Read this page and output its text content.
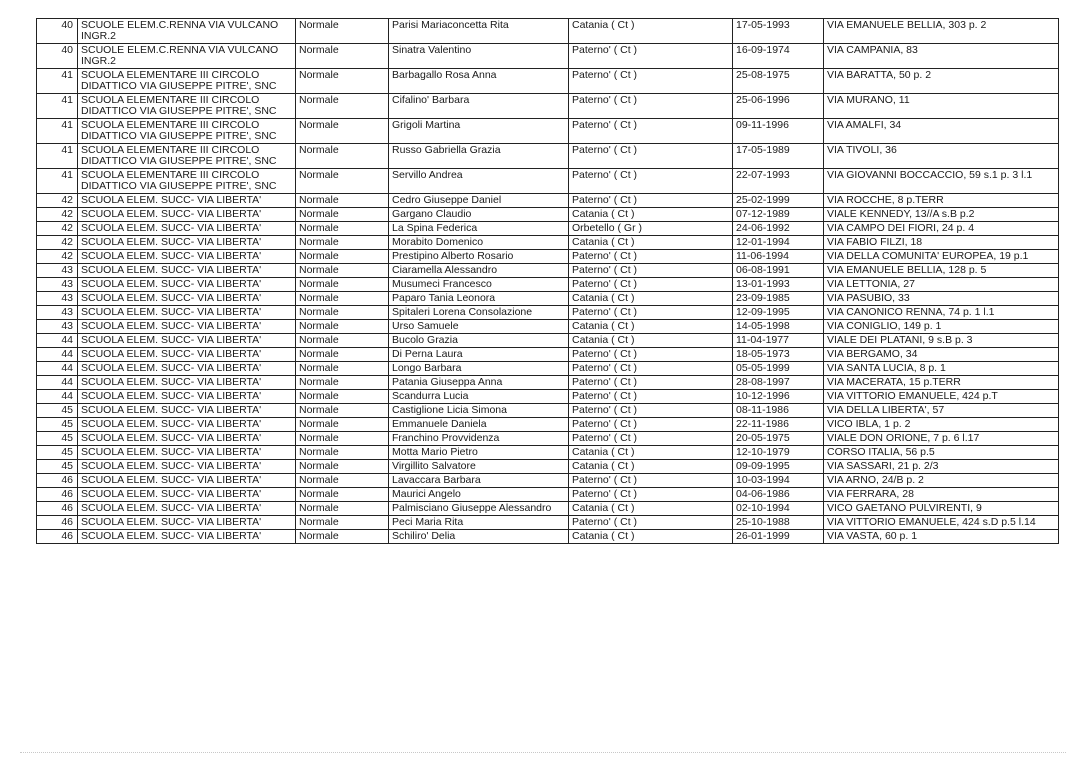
40	SCUOLE ELEM.C.RENNA VIA VULCANO INGR.2	Normale	Parisi Mariaconcetta Rita	Catania ( Ct )	17-05-1993	VIA EMANUELE BELLIA, 303 p. 2
40	SCUOLE ELEM.C.RENNA VIA VULCANO INGR.2	Normale	Sinatra Valentino	Paterno' ( Ct )	16-09-1974	VIA CAMPANIA, 83
41	SCUOLA ELEMENTARE III CIRCOLO DIDATTICO VIA GIUSEPPE PITRE', SNC	Normale	Barbagallo Rosa Anna	Paterno' ( Ct )	25-08-1975	VIA BARATTA, 50 p. 2
41	SCUOLA ELEMENTARE III CIRCOLO DIDATTICO VIA GIUSEPPE PITRE', SNC	Normale	Cifalino' Barbara	Paterno' ( Ct )	25-06-1996	VIA MURANO, 11
41	SCUOLA ELEMENTARE III CIRCOLO DIDATTICO VIA GIUSEPPE PITRE', SNC	Normale	Grigoli Martina	Paterno' ( Ct )	09-11-1996	VIA AMALFI, 34
41	SCUOLA ELEMENTARE III CIRCOLO DIDATTICO VIA GIUSEPPE PITRE', SNC	Normale	Russo Gabriella Grazia	Paterno' ( Ct )	17-05-1989	VIA TIVOLI, 36
41	SCUOLA ELEMENTARE III CIRCOLO DIDATTICO VIA GIUSEPPE PITRE', SNC	Normale	Servillo Andrea	Paterno' ( Ct )	22-07-1993	VIA GIOVANNI BOCCACCIO, 59 s.1 p. 3 l.1
42	SCUOLA ELEM. SUCC- VIA LIBERTA'	Normale	Cedro Giuseppe Daniel	Paterno' ( Ct )	25-02-1999	VIA ROCCHE, 8 p.TERR
42	SCUOLA ELEM. SUCC- VIA LIBERTA'	Normale	Gargano Claudio	Catania ( Ct )	07-12-1989	VIALE KENNEDY, 13//A s.B p.2
42	SCUOLA ELEM. SUCC- VIA LIBERTA'	Normale	La Spina Federica	Orbetello ( Gr )	24-06-1992	VIA CAMPO DEI FIORI, 24 p. 4
42	SCUOLA ELEM. SUCC- VIA LIBERTA'	Normale	Morabito Domenico	Catania ( Ct )	12-01-1994	VIA FABIO FILZI, 18
42	SCUOLA ELEM. SUCC- VIA LIBERTA'	Normale	Prestipino Alberto Rosario	Paterno' ( Ct )	11-06-1994	VIA DELLA COMUNITA' EUROPEA, 19 p.1
43	SCUOLA ELEM. SUCC- VIA LIBERTA'	Normale	Ciaramella Alessandro	Paterno' ( Ct )	06-08-1991	VIA EMANUELE BELLIA, 128 p. 5
43	SCUOLA ELEM. SUCC- VIA LIBERTA'	Normale	Musumeci Francesco	Paterno' ( Ct )	13-01-1993	VIA LETTONIA, 27
43	SCUOLA ELEM. SUCC- VIA LIBERTA'	Normale	Paparo Tania Leonora	Catania ( Ct )	23-09-1985	VIA PASUBIO, 33
43	SCUOLA ELEM. SUCC- VIA LIBERTA'	Normale	Spitaleri Lorena Consolazione	Paterno' ( Ct )	12-09-1995	VIA CANONICO RENNA, 74 p. 1 l.1
43	SCUOLA ELEM. SUCC- VIA LIBERTA'	Normale	Urso Samuele	Catania ( Ct )	14-05-1998	VIA CONIGLIO, 149 p. 1
44	SCUOLA ELEM. SUCC- VIA LIBERTA'	Normale	Bucolo Grazia	Catania ( Ct )	11-04-1977	VIALE DEI PLATANI, 9 s.B p. 3
44	SCUOLA ELEM. SUCC- VIA LIBERTA'	Normale	Di Perna Laura	Paterno' ( Ct )	18-05-1973	VIA BERGAMO, 34
44	SCUOLA ELEM. SUCC- VIA LIBERTA'	Normale	Longo Barbara	Paterno' ( Ct )	05-05-1999	VIA SANTA LUCIA, 8 p. 1
44	SCUOLA ELEM. SUCC- VIA LIBERTA'	Normale	Patania Giuseppa Anna	Paterno' ( Ct )	28-08-1997	VIA MACERATA, 15 p.TERR
44	SCUOLA ELEM. SUCC- VIA LIBERTA'	Normale	Scandurra Lucia	Paterno' ( Ct )	10-12-1996	VIA VITTORIO EMANUELE, 424 p.T
45	SCUOLA ELEM. SUCC- VIA LIBERTA'	Normale	Castiglione Licia Simona	Paterno' ( Ct )	08-11-1986	VIA DELLA LIBERTA', 57
45	SCUOLA ELEM. SUCC- VIA LIBERTA'	Normale	Emmanuele Daniela	Paterno' ( Ct )	22-11-1986	VICO IBLA, 1 p. 2
45	SCUOLA ELEM. SUCC- VIA LIBERTA'	Normale	Franchino Provvidenza	Paterno' ( Ct )	20-05-1975	VIALE DON ORIONE, 7 p. 6 l.17
45	SCUOLA ELEM. SUCC- VIA LIBERTA'	Normale	Motta Mario Pietro	Catania ( Ct )	12-10-1979	CORSO ITALIA, 56 p.5
45	SCUOLA ELEM. SUCC- VIA LIBERTA'	Normale	Virgillito Salvatore	Catania ( Ct )	09-09-1995	VIA SASSARI, 21 p. 2/3
46	SCUOLA ELEM. SUCC- VIA LIBERTA'	Normale	Lavaccara Barbara	Paterno' ( Ct )	10-03-1994	VIA ARNO, 24/B p. 2
46	SCUOLA ELEM. SUCC- VIA LIBERTA'	Normale	Maurici Angelo	Paterno' ( Ct )	04-06-1986	VIA FERRARA, 28
46	SCUOLA ELEM. SUCC- VIA LIBERTA'	Normale	Palmisciano Giuseppe Alessandro	Catania ( Ct )	02-10-1994	VICO GAETANO PULVIRENTI, 9
46	SCUOLA ELEM. SUCC- VIA LIBERTA'	Normale	Peci Maria Rita	Paterno' ( Ct )	25-10-1988	VIA VITTORIO EMANUELE, 424 s.D p.5 l.14
46	SCUOLA ELEM. SUCC- VIA LIBERTA'	Normale	Schiliro' Delia	Catania ( Ct )	26-01-1999	VIA VASTA, 60 p. 1
